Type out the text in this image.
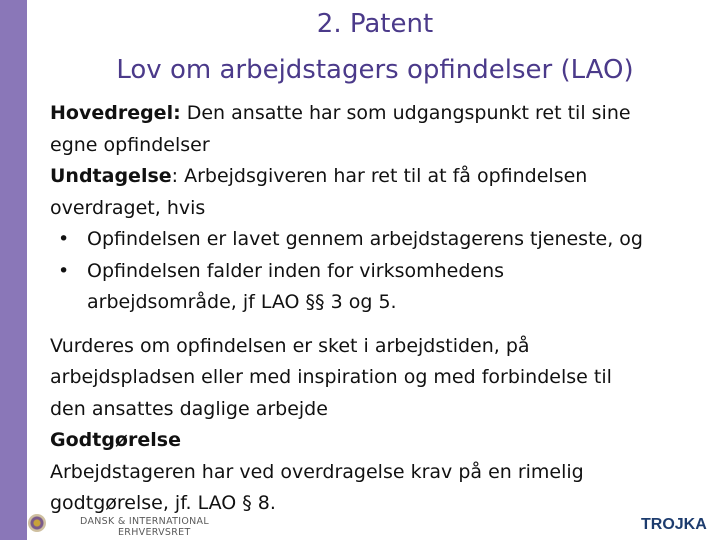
2. Patent
Lov om arbejdstagers opfindelser (LAO)
Hovedregel: Den ansatte har som udgangspunkt ret til sine
egne opfindelser
Undtagelse: Arbejdsgiveren har ret til at få opfindelsen
overdraget, hvis
• Opfindelsen er lavet gennem arbejdstagerens tjeneste, og
• Opfindelsen falder inden for virksomhedens
arbejdsområde, jf LAO §§ 3 og 5.
Vurderes om opfindelsen er sket i arbejdstiden, på
arbejdspladsen eller med inspiration og med forbindelse til
den ansattes daglige arbejde
Godtgørelse
Arbejdstageren har ved overdragelse krav på en rimelig
godtgørelse, jf. LAO § 8.
DANSK & INTERNATIONAL
ERHVERVSRET	TROJKA
